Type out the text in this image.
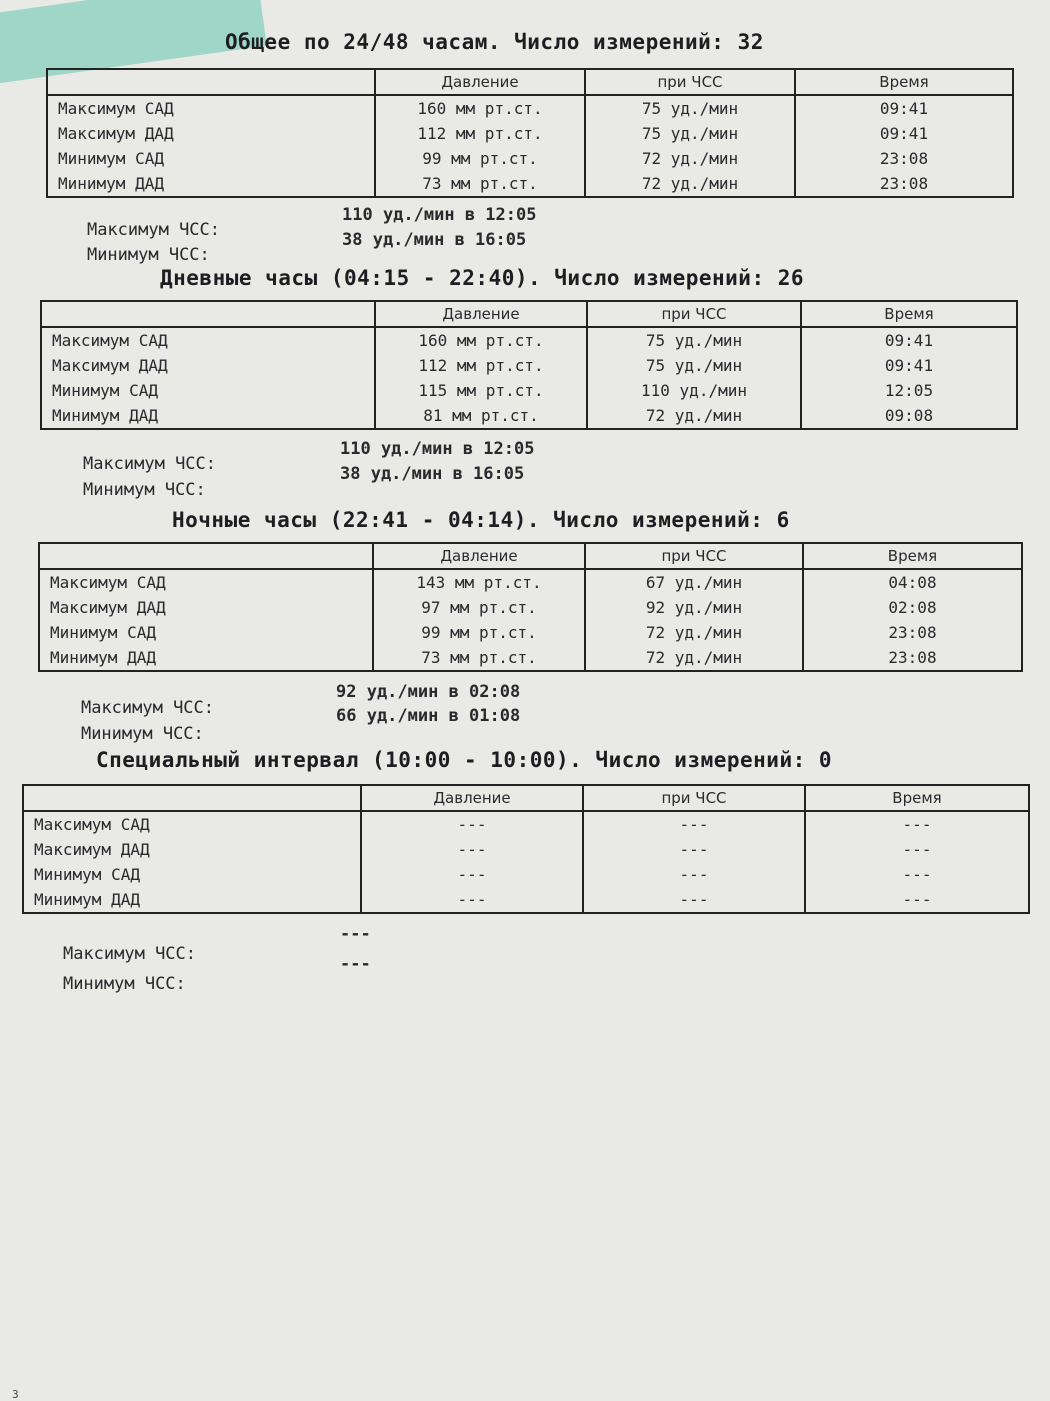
Общее по 24/48 часам. Число измерений: 32
	Давление	при ЧСС	Время
Максимум САД	160 мм рт.ст.	75 уд./мин	09:41
Максимум ДАД	112 мм рт.ст.	75 уд./мин	09:41
Минимум САД	99 мм рт.ст.	72 уд./мин	23:08
Минимум ДАД	73 мм рт.ст.	72 уд./мин	23:08

Максимум ЧСС:

110 уд./мин в 12:05

Минимум ЧСС:

38 уд./мин в 16:05

Дневные часы (04:15 - 22:40). Число измерений: 26
	Давление	при ЧСС	Время
Максимум САД	160 мм рт.ст.	75 уд./мин	09:41
Максимум ДАД	112 мм рт.ст.	75 уд./мин	09:41
Минимум САД	115 мм рт.ст.	110 уд./мин	12:05
Минимум ДАД	81 мм рт.ст.	72 уд./мин	09:08

Максимум ЧСС:

110 уд./мин в 12:05

Минимум ЧСС:

38 уд./мин в 16:05

Ночные часы (22:41 - 04:14). Число измерений: 6
	Давление	при ЧСС	Время
Максимум САД	143 мм рт.ст.	67 уд./мин	04:08
Максимум ДАД	97 мм рт.ст.	92 уд./мин	02:08
Минимум САД	99 мм рт.ст.	72 уд./мин	23:08
Минимум ДАД	73 мм рт.ст.	72 уд./мин	23:08

Максимум ЧСС:

92 уд./мин в 02:08

Минимум ЧСС:

66 уд./мин в 01:08

Специальный интервал (10:00 - 10:00). Число измерений: 0
	Давление	при ЧСС	Время
Максимум САД	---	---	---
Максимум ДАД	---	---	---
Минимум САД	---	---	---
Минимум ДАД	---	---	---

Максимум ЧСС:

---

Минимум ЧСС:

---

3
